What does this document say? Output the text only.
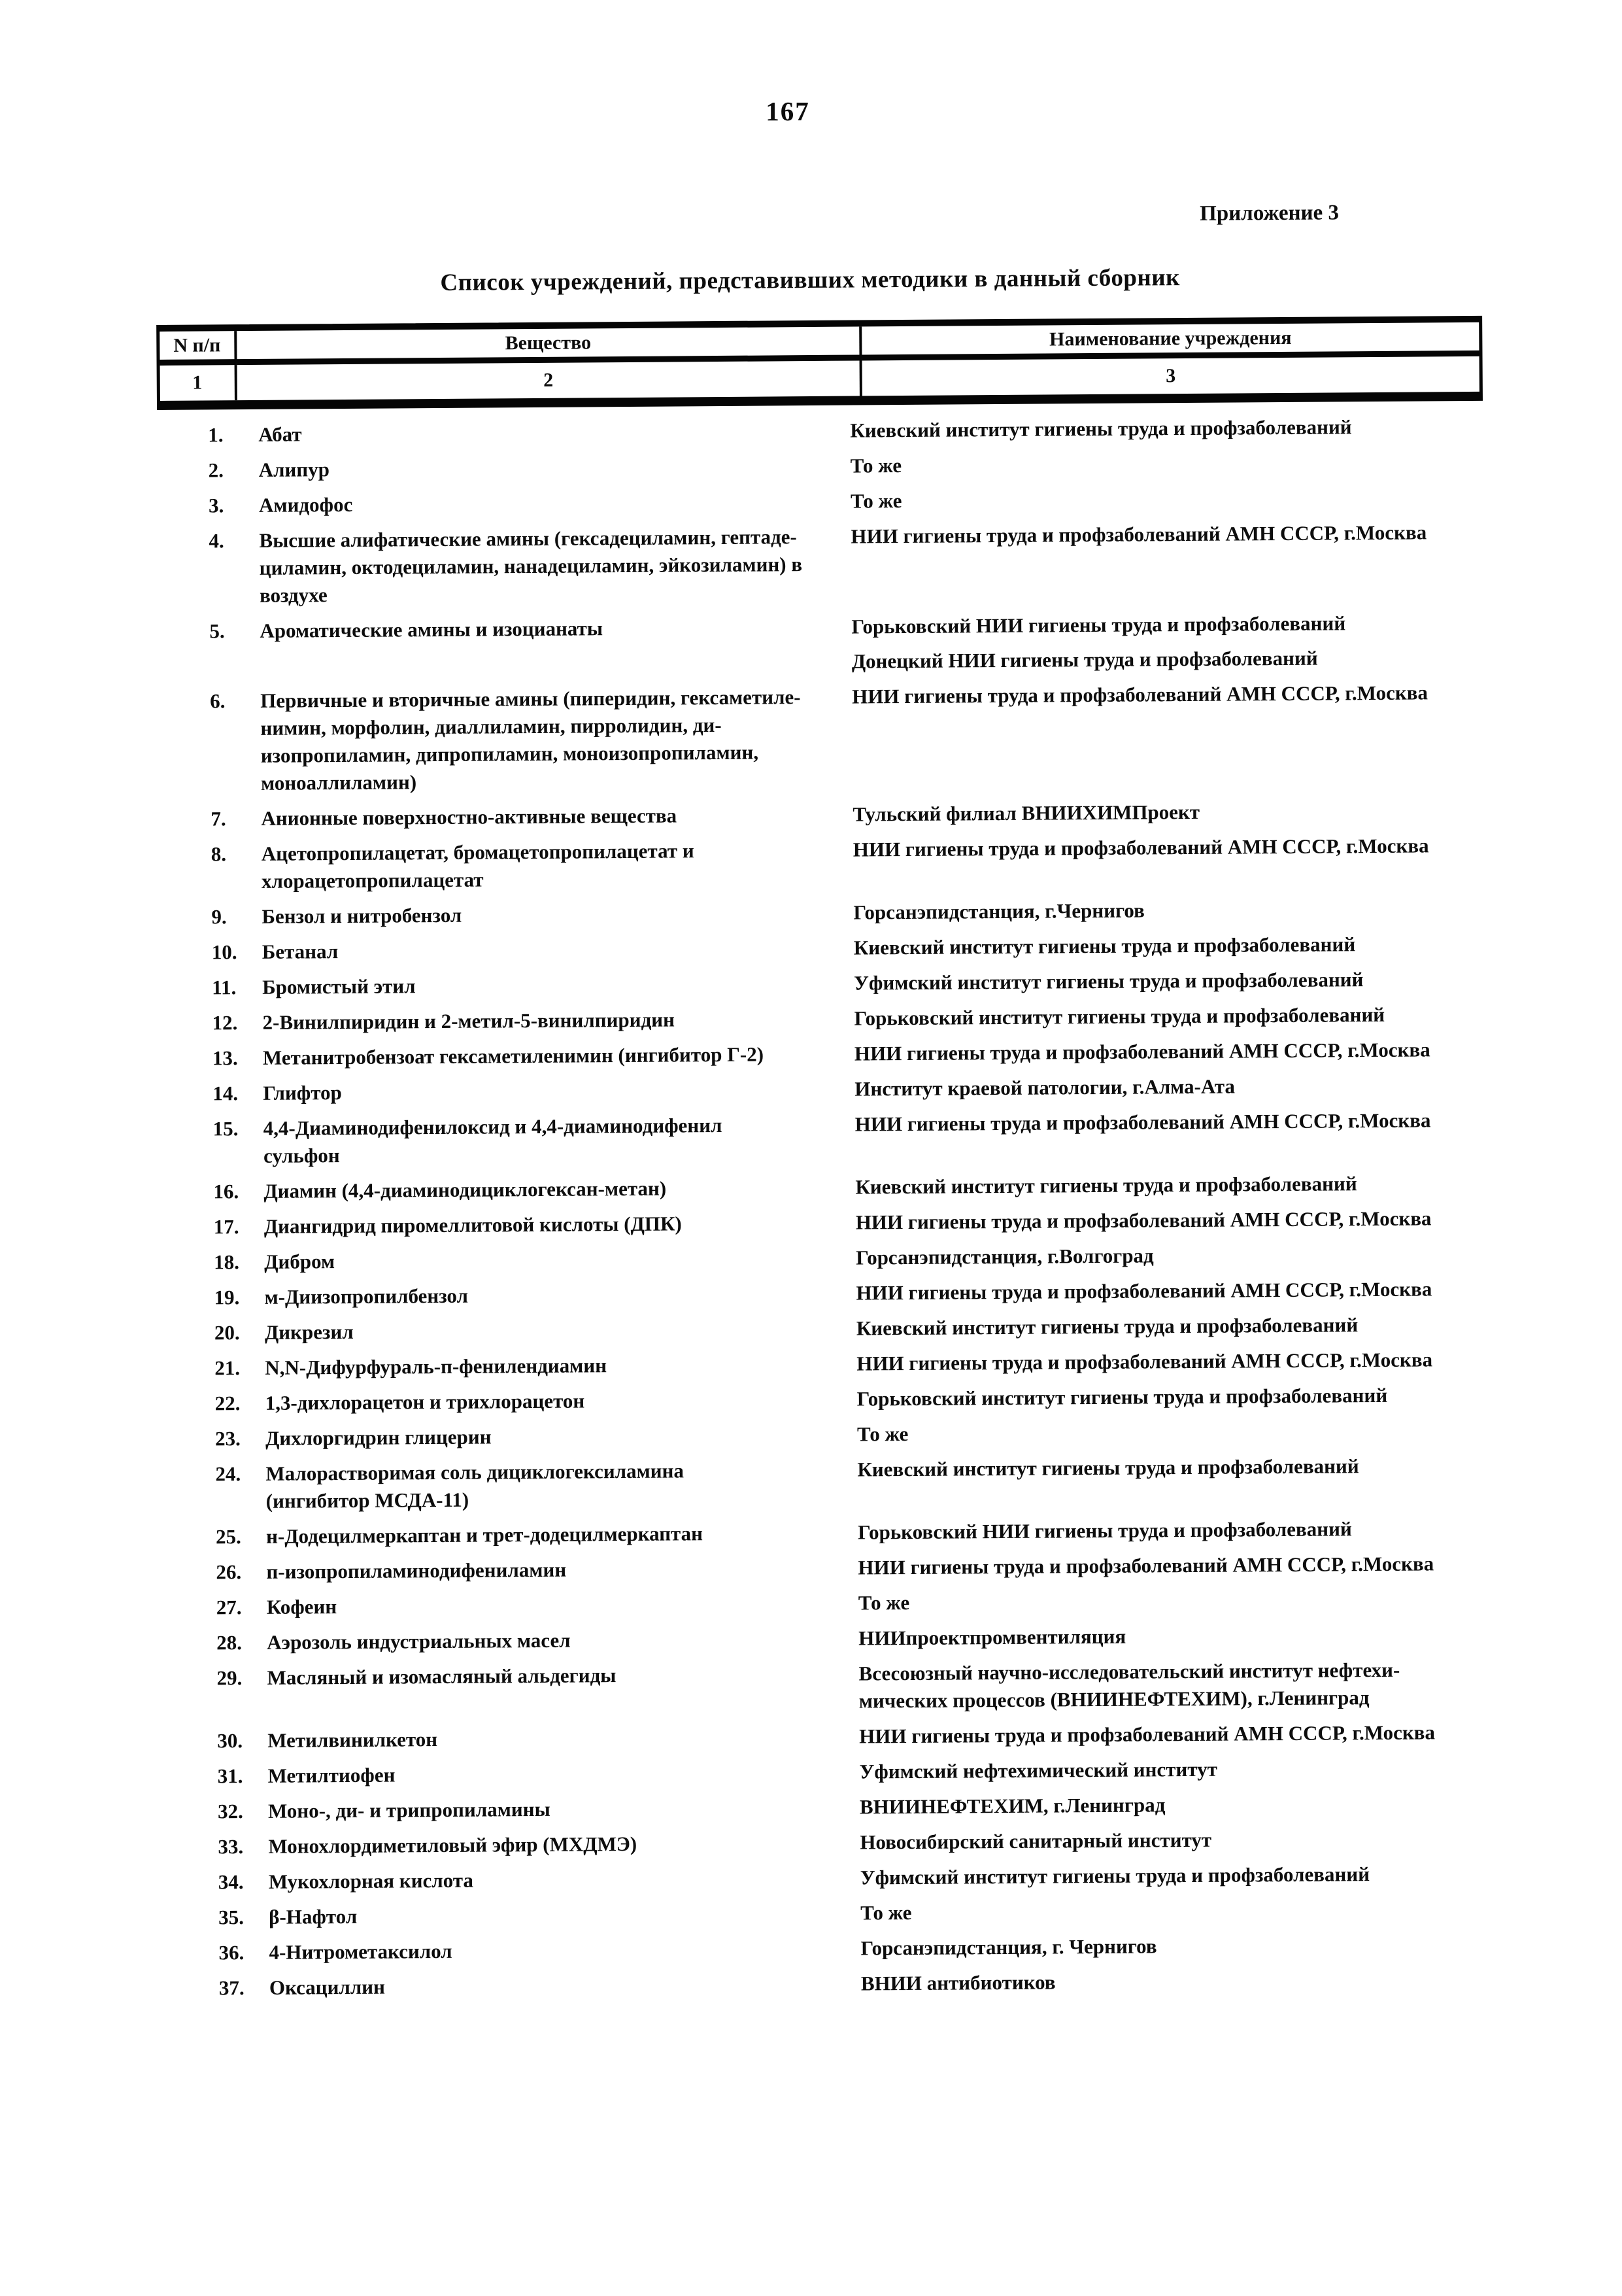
167
Приложение 3
Список учреждений, представивших методики в данный сборник
N п/п	Вещество	Наименование учреждения
1	2	3
1.	Абат	Киевский институт гигиены труда и профзаболеваний
2.	Алипур	То же
3.	Амидофос	То же
4.	Высшие алифатические амины (гексадециламин, гептаде-
циламин, октодециламин, нанадециламин, эйкозиламин) в
воздухе
НИИ гигиены труда и профзаболеваний АМН СССР, г.Москва
5.	Ароматические амины и изоцианаты	Горьковский НИИ гигиены труда и профзаболеваний
Донецкий НИИ гигиены труда и профзаболеваний
6.	Первичные и вторичные амины (пиперидин, гексаметиле-
нимин, морфолин, диаллиламин, пирролидин, ди-
изопропиламин, дипропиламин, моноизопропиламин,
моноаллиламин)
НИИ гигиены труда и профзаболеваний АМН СССР, г.Москва
7.	Анионные поверхностно-активные вещества	Тульский филиал ВНИИХИМПроект
8.	Ацетопропилацетат, бромацетопропилацетат и
хлорацетопропилацетат
НИИ гигиены труда и профзаболеваний АМН СССР, г.Москва
9.	Бензол и нитробензол	Горсанэпидстанция, г.Чернигов
10.	Бетанал	Киевский институт гигиены труда и профзаболеваний
11.	Бромистый этил	Уфимский институт гигиены труда и профзаболеваний
12.	2-Винилпиридин и 2-метил-5-винилпиридин	Горьковский институт гигиены труда и профзаболеваний
13.	Метанитробензоат гексаметиленимин (ингибитор Г-2)	НИИ гигиены труда и профзаболеваний АМН СССР, г.Москва
14.	Глифтор	Институт краевой патологии, г.Алма-Ата
15.	4,4-Диаминодифенилоксид и 4,4-диаминодифенил
сульфон
НИИ гигиены труда и профзаболеваний АМН СССР, г.Москва
16.	Диамин (4,4-диаминодициклогексан-метан)	Киевский институт гигиены труда и профзаболеваний
17.	Диангидрид пиромеллитовой кислоты (ДПК)	НИИ гигиены труда и профзаболеваний АМН СССР, г.Москва
18.	Дибром	Горсанэпидстанция, г.Волгоград
19.	м-Диизопропилбензол	НИИ гигиены труда и профзаболеваний АМН СССР, г.Москва
20.	Дикрезил	Киевский институт гигиены труда и профзаболеваний
21.	N,N-Дифурфураль-п-фенилендиамин	НИИ гигиены труда и профзаболеваний АМН СССР, г.Москва
22.	1,3-дихлорацетон и трихлорацетон	Горьковский институт гигиены труда и профзаболеваний
23.	Дихлоргидрин глицерин	То же
24.	Малорастворимая соль дициклогексиламина
(ингибитор МСДА-11)
Киевский институт гигиены труда и профзаболеваний
25.	н-Додецилмеркаптан и трет-додецилмеркаптан	Горьковский НИИ гигиены труда и профзаболеваний
26.	п-изопропиламинодифениламин	НИИ гигиены труда и профзаболеваний АМН СССР, г.Москва
27.	Кофеин	То же
28.	Аэрозоль индустриальных масел	НИИпроектпромвентиляция
29.	Масляный и изомасляный альдегиды	Всесоюзный научно-исследовательский институт нефтехи-
мических процессов (ВНИИНЕФТЕХИМ), г.Ленинград
30.	Метилвинилкетон	НИИ гигиены труда и профзаболеваний АМН СССР, г.Москва
31.	Метилтиофен	Уфимский нефтехимический институт
32.	Моно-, ди- и трипропиламины	ВНИИНЕФТЕХИМ, г.Ленинград
33.	Монохлордиметиловый эфир (МХДМЭ)	Новосибирский санитарный институт
34.	Мукохлорная кислота	Уфимский институт гигиены труда и профзаболеваний
35.	β-Нафтол	То же
36.	4-Нитрометаксилол	Горсанэпидстанция, г. Чернигов
37.	Оксациллин	ВНИИ антибиотиков
